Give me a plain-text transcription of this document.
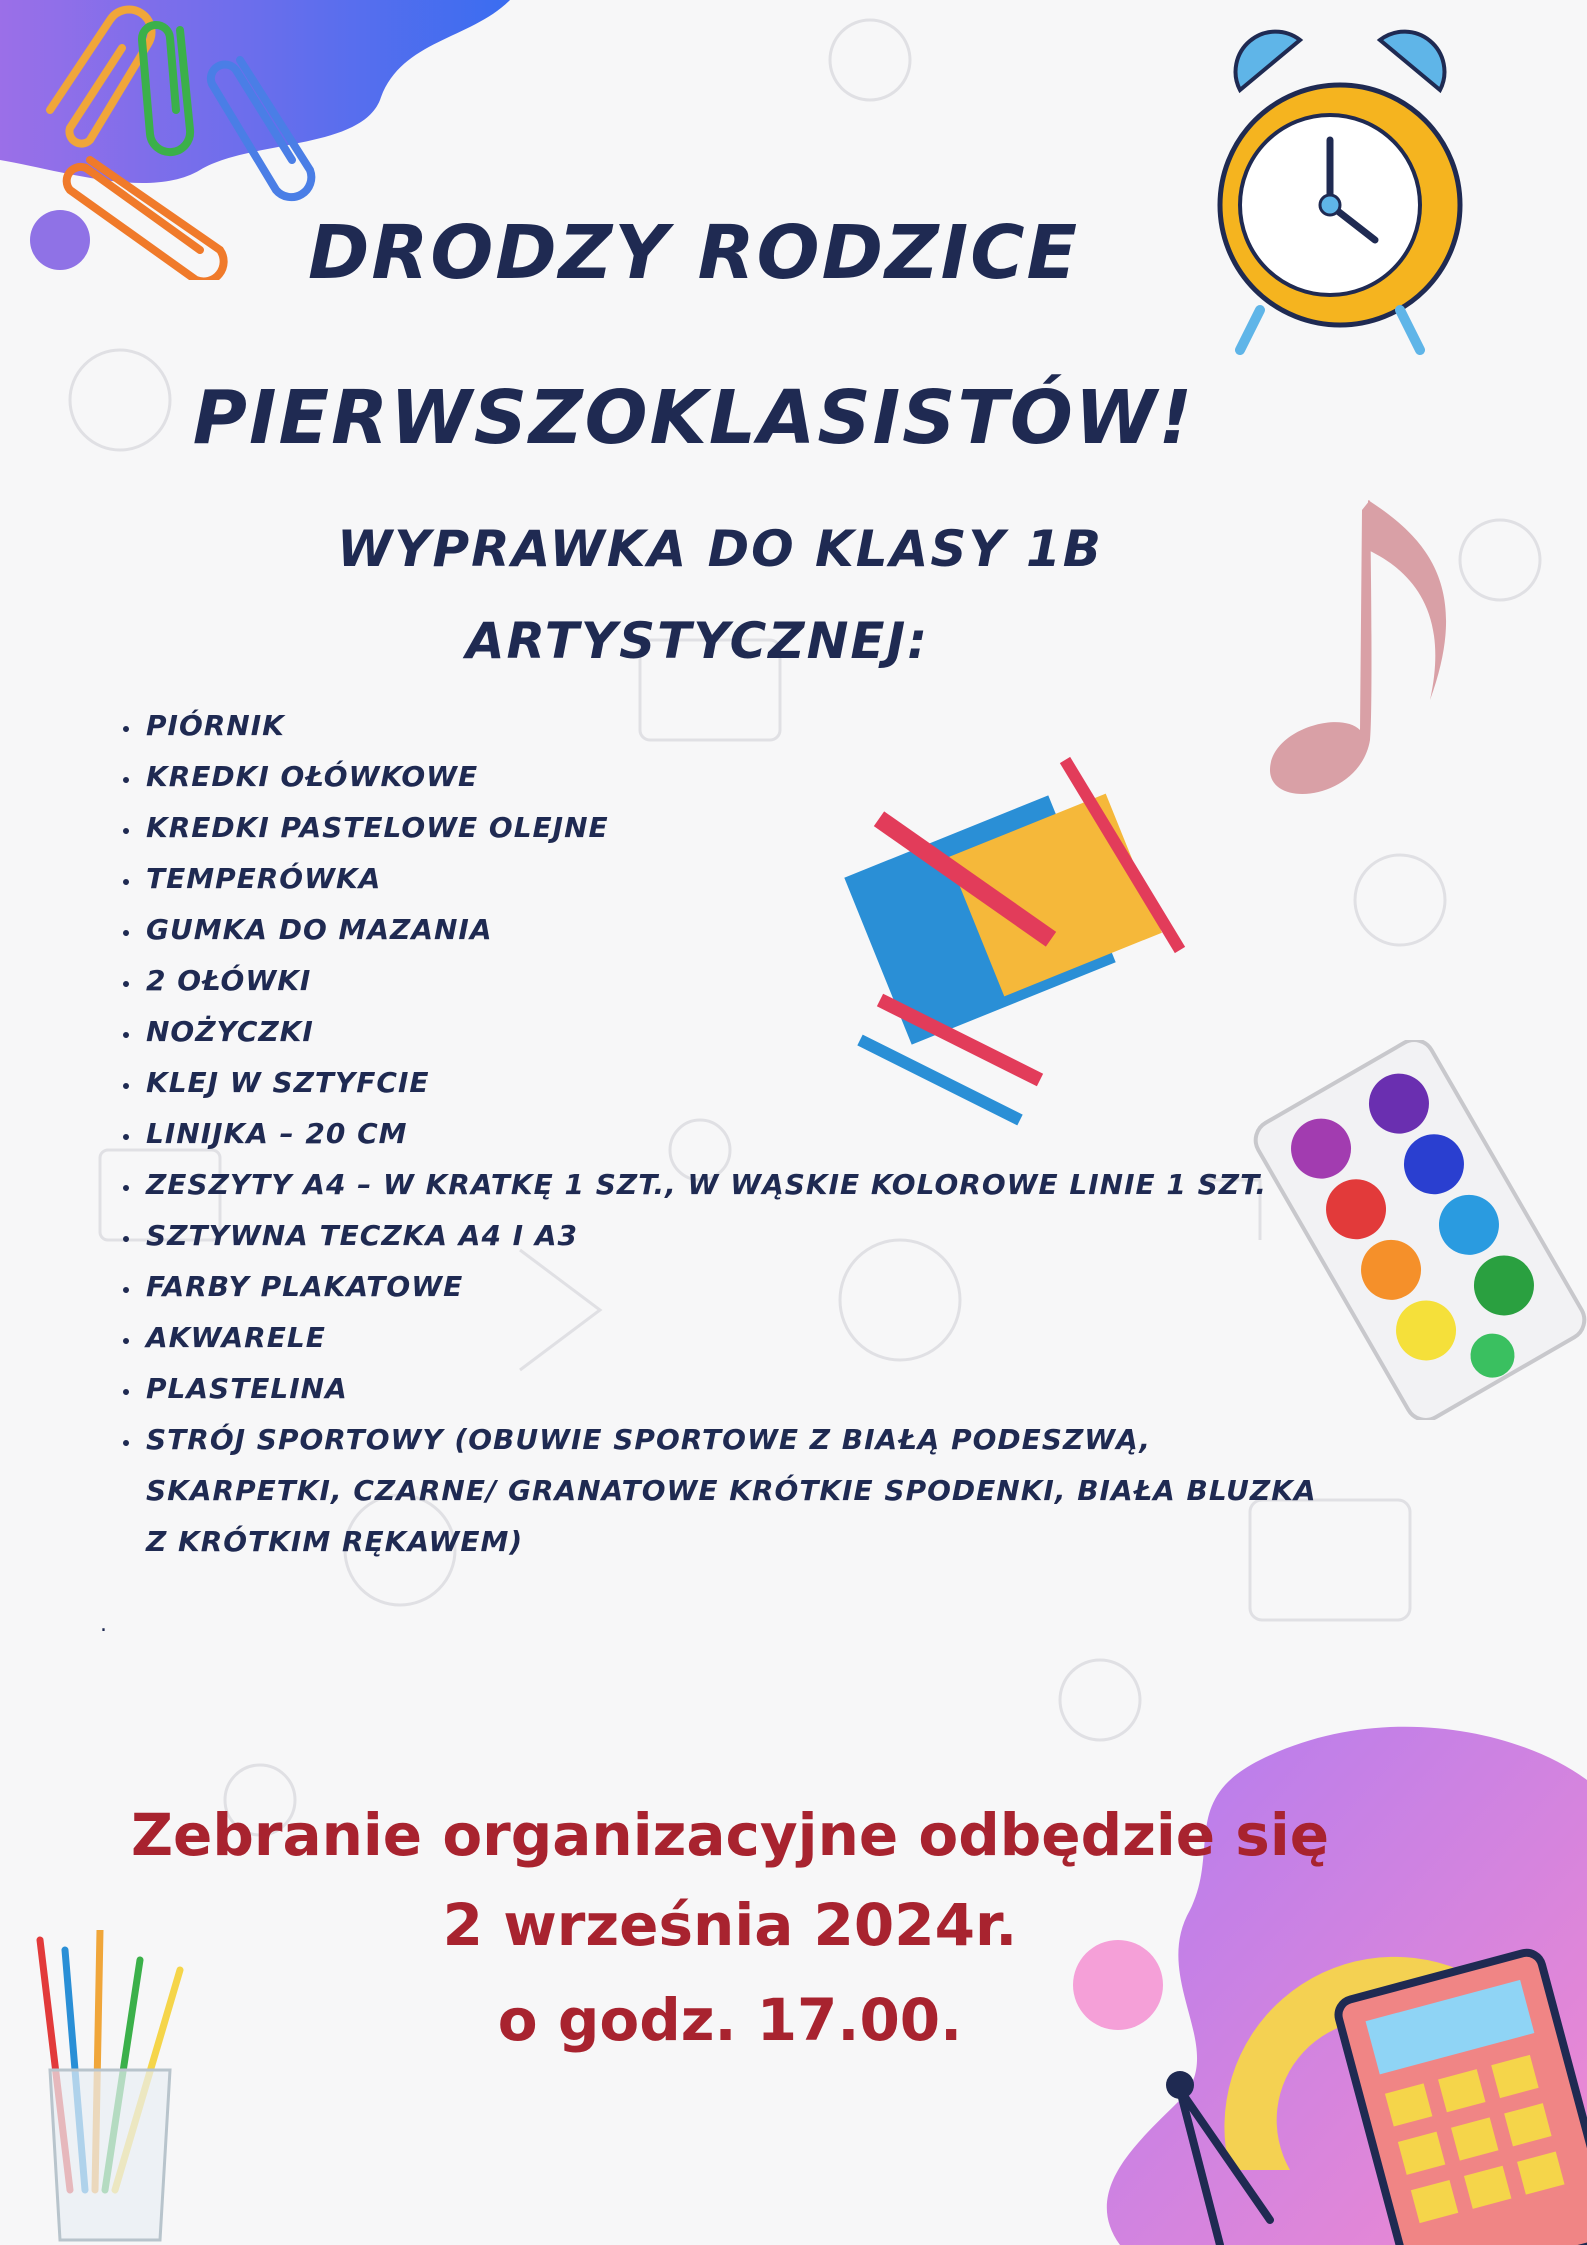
DRODZY RODZICE
PIERWSZOKLASISTÓW!
WYPRAWKA DO KLASY 1B
ARTYSTYCZNEJ:
• PIÓRNIK
• KREDKI OŁÓWKOWE
• KREDKI PASTELOWE OLEJNE
• TEMPERÓWKA
• GUMKA DO MAZANIA
• 2 OŁÓWKI
• NOŻYCZKI
• KLEJ W SZTYFCIE
• LINIJKA – 20 CM
• ZESZYTY A4 – W KRATKĘ 1 SZT., W WĄSKIE KOLOROWE LINIE 1 SZT.
• SZTYWNA TECZKA A4 I A3
• FARBY PLAKATOWE
• AKWARELE
• PLASTELINA
• STRÓJ SPORTOWY (OBUWIE SPORTOWE Z BIAŁĄ PODESZWĄ, SKARPETKI, CZARNE/ GRANATOWE KRÓTKIE SPODENKI, BIAŁA BLUZKA Z KRÓTKIM RĘKAWEM)
.
Zebranie organizacyjne odbędzie się
2 września 2024r.
o godz. 17.00.
